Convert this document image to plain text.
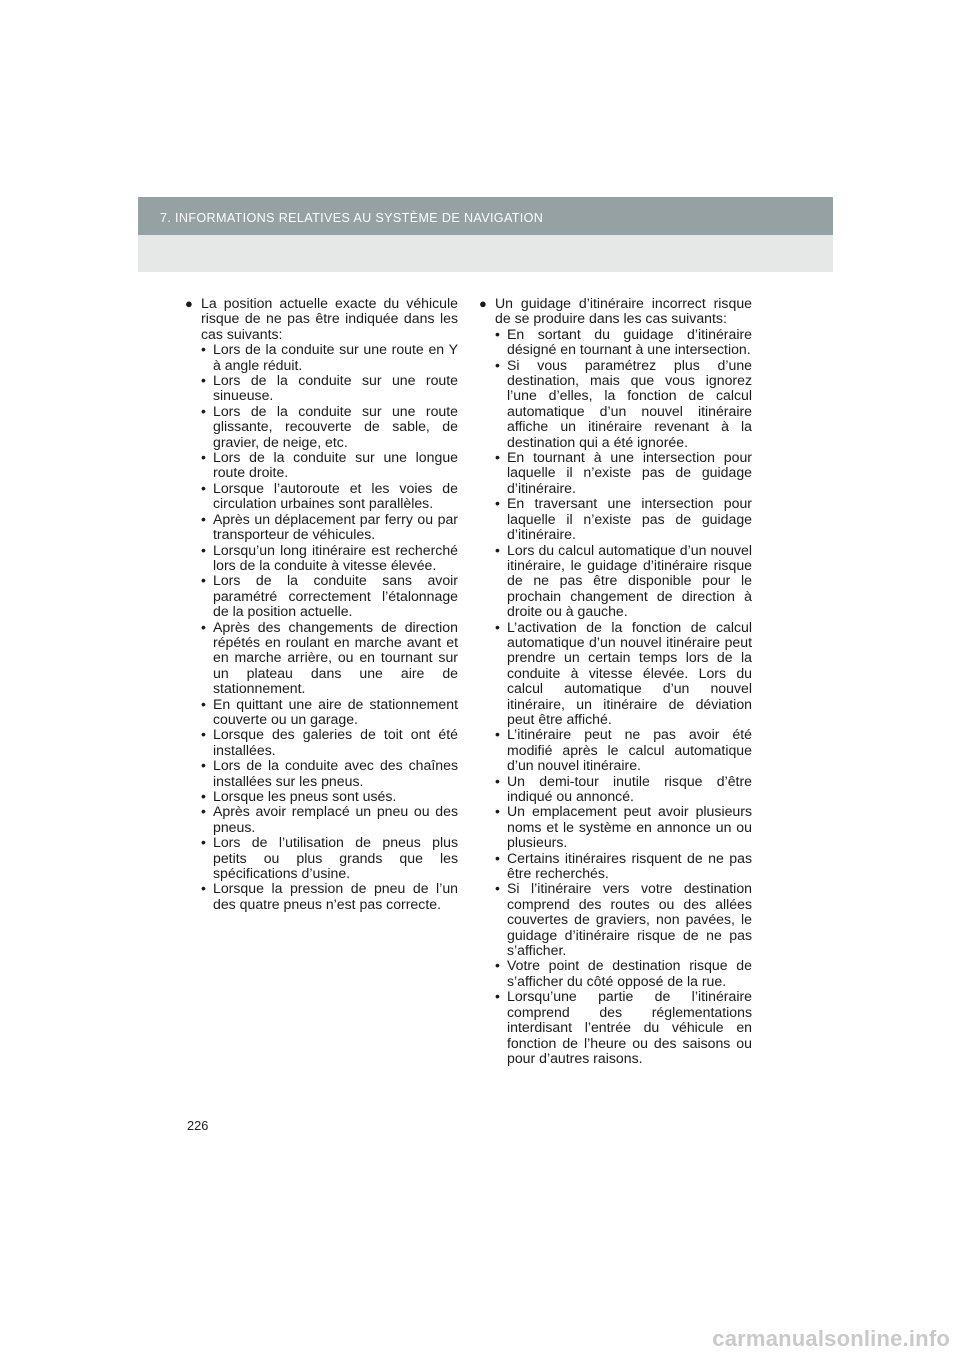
7. INFORMATIONS RELATIVES AU SYSTÈME DE NAVIGATION
● La position actuelle exacte du véhicule risque de ne pas être indiquée dans les cas suivants:
• Lors de la conduite sur une route en Y à angle réduit.
• Lors de la conduite sur une route sinueuse.
• Lors de la conduite sur une route glissante, recouverte de sable, de gravier, de neige, etc.
• Lors de la conduite sur une longue route droite.
• Lorsque l’autoroute et les voies de circulation urbaines sont parallèles.
• Après un déplacement par ferry ou par transporteur de véhicules.
• Lorsqu’un long itinéraire est recherché lors de la conduite à vitesse élevée.
• Lors de la conduite sans avoir paramétré correctement l’étalonnage de la position actuelle.
• Après des changements de direction répétés en roulant en marche avant et en marche arrière, ou en tournant sur un plateau dans une aire de stationnement.
• En quittant une aire de stationnement couverte ou un garage.
• Lorsque des galeries de toit ont été installées.
• Lors de la conduite avec des chaînes installées sur les pneus.
• Lorsque les pneus sont usés.
• Après avoir remplacé un pneu ou des pneus.
• Lors de l’utilisation de pneus plus petits ou plus grands que les spécifications d’usine.
• Lorsque la pression de pneu de l’un des quatre pneus n’est pas correcte.
● Un guidage d’itinéraire incorrect risque de se produire dans les cas suivants:
• En sortant du guidage d’itinéraire désigné en tournant à une intersection.
• Si vous paramétrez plus d’une destination, mais que vous ignorez l’une d’elles, la fonction de calcul automatique d’un nouvel itinéraire affiche un itinéraire revenant à la destination qui a été ignorée.
• En tournant à une intersection pour laquelle il n’existe pas de guidage d’itinéraire.
• En traversant une intersection pour laquelle il n’existe pas de guidage d’itinéraire.
• Lors du calcul automatique d’un nouvel itinéraire, le guidage d’itinéraire risque de ne pas être disponible pour le prochain changement de direction à droite ou à gauche.
• L’activation de la fonction de calcul automatique d’un nouvel itinéraire peut prendre un certain temps lors de la conduite à vitesse élevée. Lors du calcul automatique d’un nouvel itinéraire, un itinéraire de déviation peut être affiché.
• L’itinéraire peut ne pas avoir été modifié après le calcul automatique d’un nouvel itinéraire.
• Un demi-tour inutile risque d’être indiqué ou annoncé.
• Un emplacement peut avoir plusieurs noms et le système en annonce un ou plusieurs.
• Certains itinéraires risquent de ne pas être recherchés.
• Si l’itinéraire vers votre destination comprend des routes ou des allées couvertes de graviers, non pavées, le guidage d’itinéraire risque de ne pas s’afficher.
• Votre point de destination risque de s’afficher du côté opposé de la rue.
• Lorsqu’une partie de l’itinéraire comprend des réglementations interdisant l’entrée du véhicule en fonction de l’heure ou des saisons ou pour d’autres raisons.
226
carmanualsonline.info
